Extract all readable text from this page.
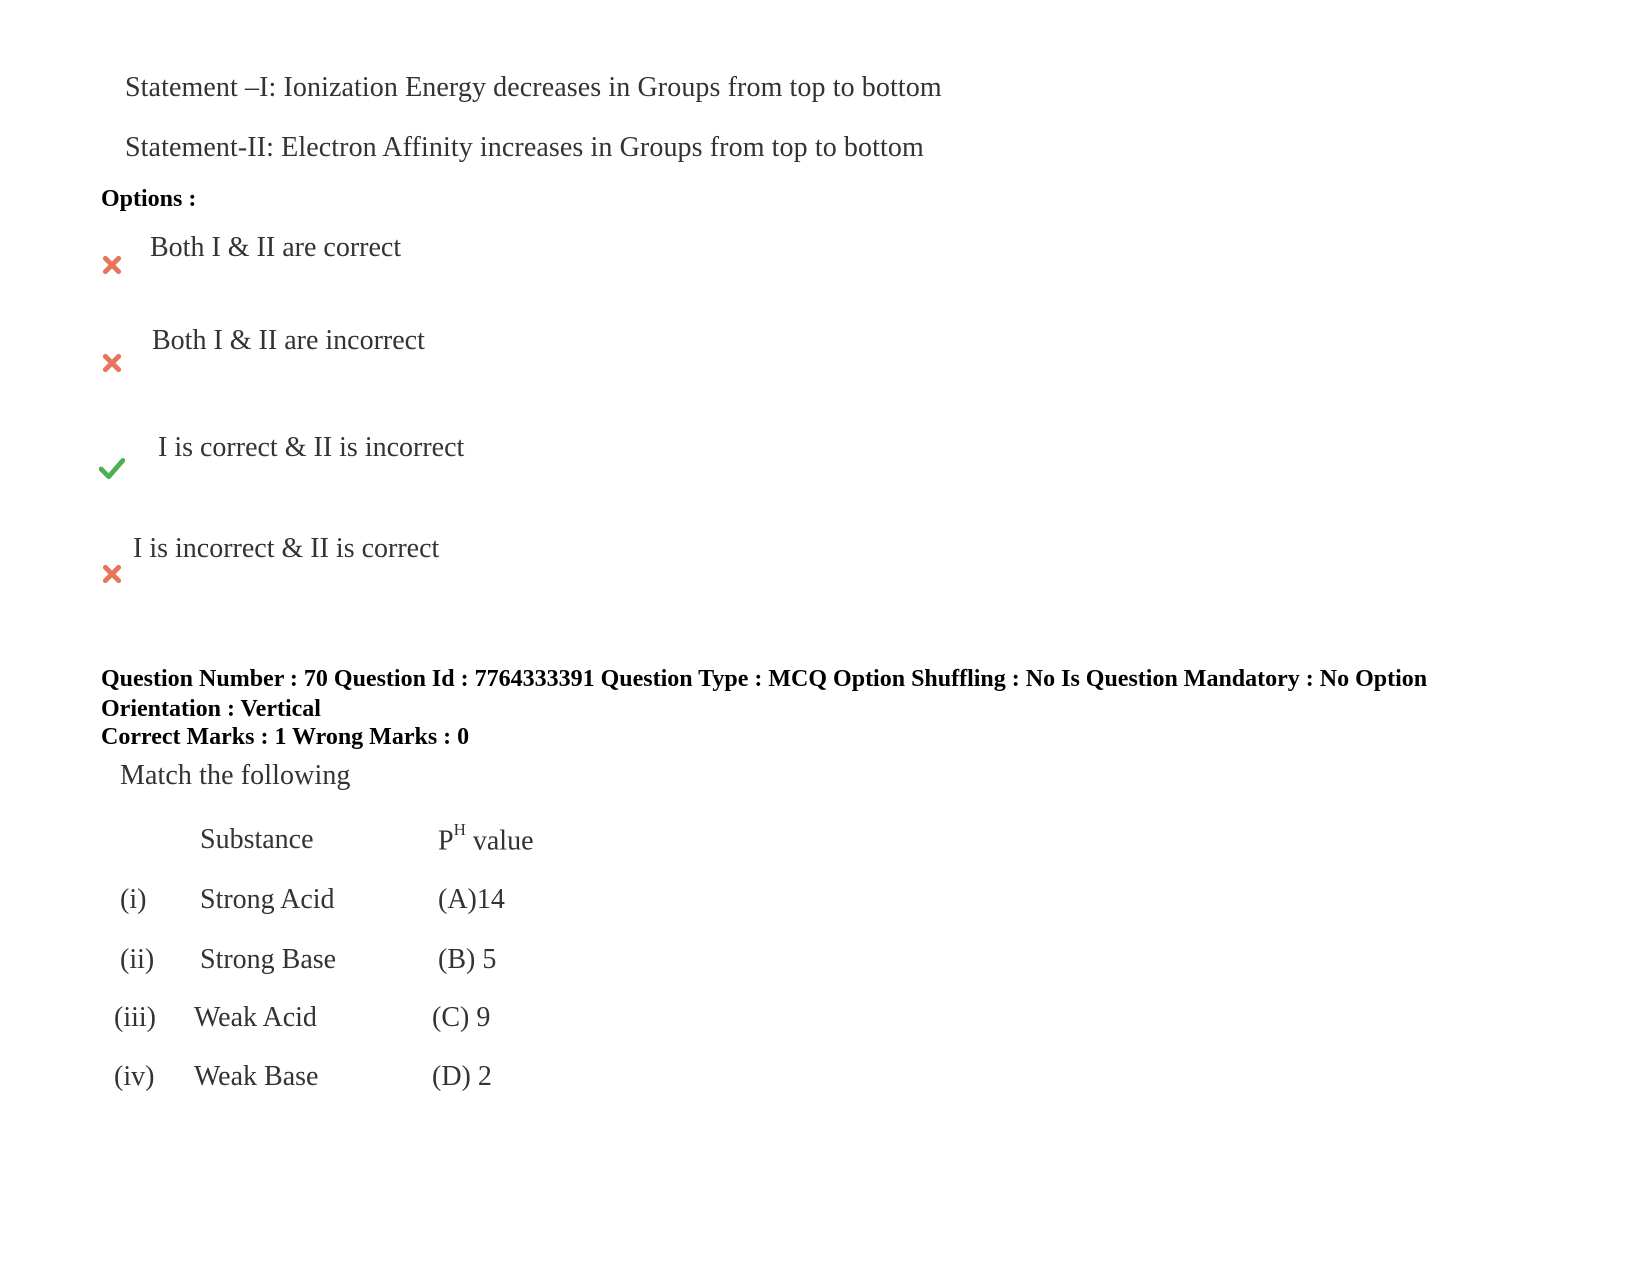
Statement –I: Ionization Energy decreases in Groups from top to bottom
Statement-II: Electron Affinity increases in Groups from top to bottom
Options :
Both I & II are correct
Both I & II are incorrect
I is correct & II is incorrect
I is incorrect & II is correct
Question Number : 70 Question Id : 7764333391 Question Type : MCQ Option Shuffling : No Is Question Mandatory : No Option Orientation : Vertical
Correct Marks : 1 Wrong Marks : 0
Match the following
Substance	$P^H$ value
(i) Strong Acid	(A)14
(ii) Strong Base	(B) 5
(iii) Weak Acid	(C) 9
(iv) Weak Base	(D) 2
